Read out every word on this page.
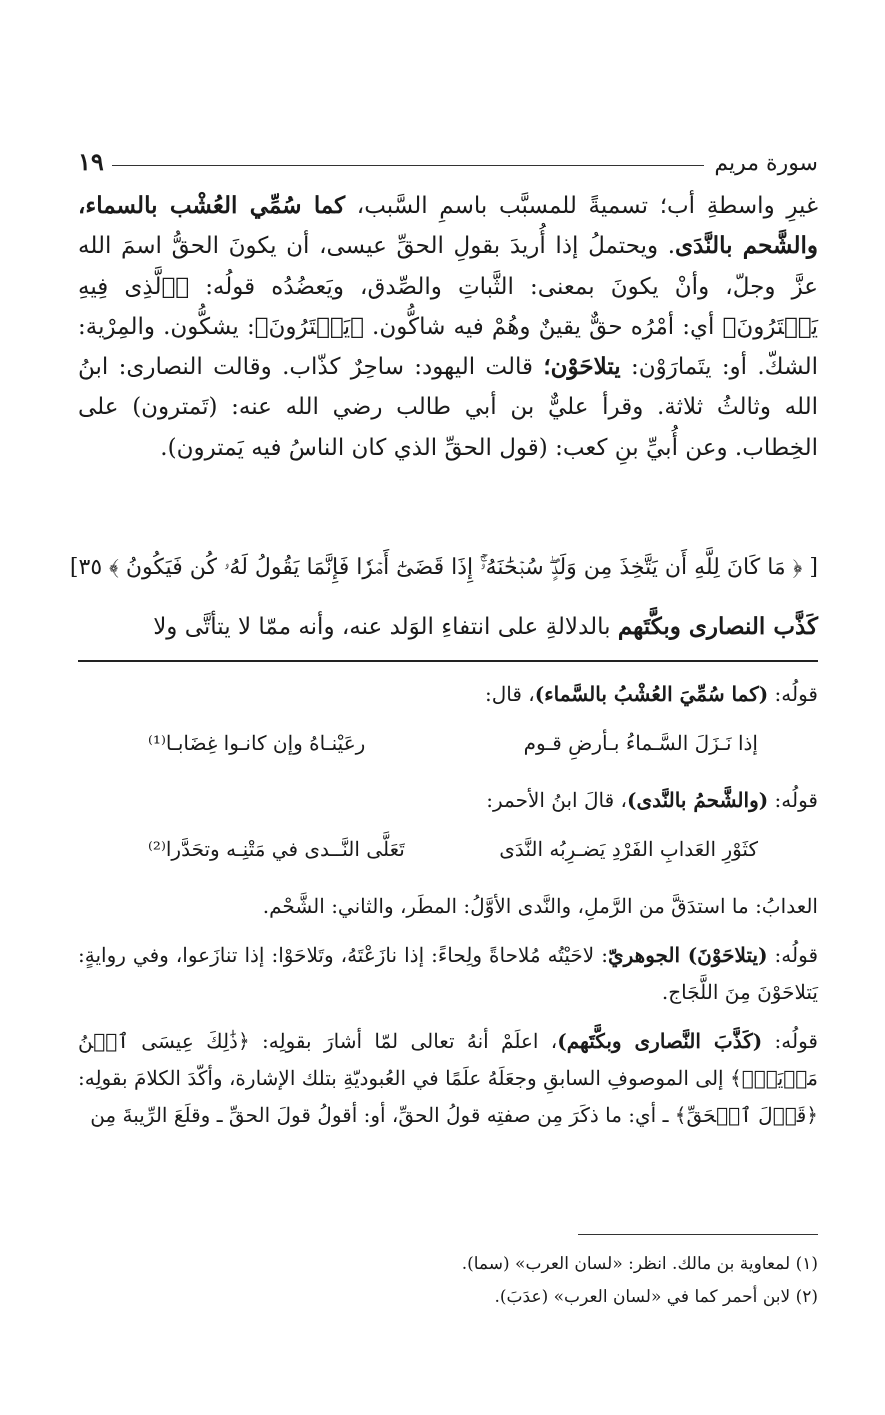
سورة مريم
١٩

غيرِ واسطةِ أب؛ تسميةً للمسبَّب باسمِ السَّبب، كما سُمِّي العُشْب بالسماء، والشَّحم بالنَّدَى. ويحتملُ إذا أُريدَ بقولِ الحقِّ عيسى، أن يكونَ الحقُّ اسمَ الله عزَّ وجلّ، وأنْ يكونَ بمعنى: الثَّباتِ والصِّدق، ويَعضُدُه قولُه: ﴿ٱلَّذِى فِيهِ يَمۡتَرُونَ﴾ أي: أمْرُه حقٌّ يقينٌ وهُمْ فيه شاكُّون. ﴿يَمۡتَرُونَ﴾: يشكُّون. والمِرْية: الشكّ. أو: يتَمارَوْن: يتلاحَوْن؛ قالت اليهود: ساحِرٌ كذّاب. وقالت النصارى: ابنُ الله وثالثُ ثلاثة. وقرأ عليٌّ بن أبي طالب رضي الله عنه: (تَمترون) على الخِطاب. وعن أُبيِّ بنِ كعب: (قول الحقِّ الذي كان الناسُ فيه يَمترون).

[ ﴿ مَا كَانَ لِلَّهِ أَن يَتَّخِذَ مِن وَلَدٍۖ سُبۡحَٰنَهُۥٓۚ إِذَا قَضَىٰٓ أَمۡرٗا فَإِنَّمَا يَقُولُ لَهُۥ كُن فَيَكُونُ ﴾ ٣٥]
كَذَّب النصارى وبكَّتَهم بالدلالةِ على انتفاءِ الوَلد عنه، وأنه ممّا لا يتأتَّى ولا

قولُه: (كما سُمِّيَ العُشْبُ بالسَّماء)، قال:

إذا نَـزَلَ السَّـماءُ بـأرضِ قـوم
رعَيْنـاهُ وإن كانـوا غِضَابـا⁽¹⁾

قولُه: (والشَّحمُ بالنَّدى)، قالَ ابنُ الأحمر:

كثَوْرِ العَدابِ الفَرْدِ يَضـرِبُه النَّدَى
تَعَلَّى النَّــدى في مَتْنِـه وتحَدَّرا⁽²⁾

العدابُ: ما استدَقَّ من الرَّملِ، والنَّدى الأوَّلُ: المطَر، والثاني: الشَّحْم.

قولُه: (يتلاحَوْنَ) الجوهريّ: لاحَيْتُه مُلاحاةً ولِحاءً: إذا نازَعْتَهُ، وتَلاحَوْا: إذا تنازَعوا، وفي روايةٍ: يَتلاحَوْنَ مِنَ اللَّجَاج.

قولُه: (كَذَّبَ النَّصارى وبكَّتَهم)، اعلَمْ أنهُ تعالى لمّا أشارَ بقولِه: ﴿ذَٰلِكَ عِيسَى ٱبۡنُ مَرۡيَمَۖ﴾ إلى الموصوفِ السابقِ وجعَلَهُ علَمًا في العُبوديّةِ بتلك الإشارة، وأكّدَ الكلامَ بقولِه: ﴿قَوۡلَ ٱلۡحَقِّ﴾ ـ أي: ما ذكَرَ مِن صفتِه قولُ الحقِّ، أو: أقولُ قولَ الحقِّ ـ وقلَعَ الرِّيبةَ مِن

(١) لمعاوية بن مالك. انظر: «لسان العرب» (سما).

(٢) لابن أحمر كما في «لسان العرب» (عدَبَ).
